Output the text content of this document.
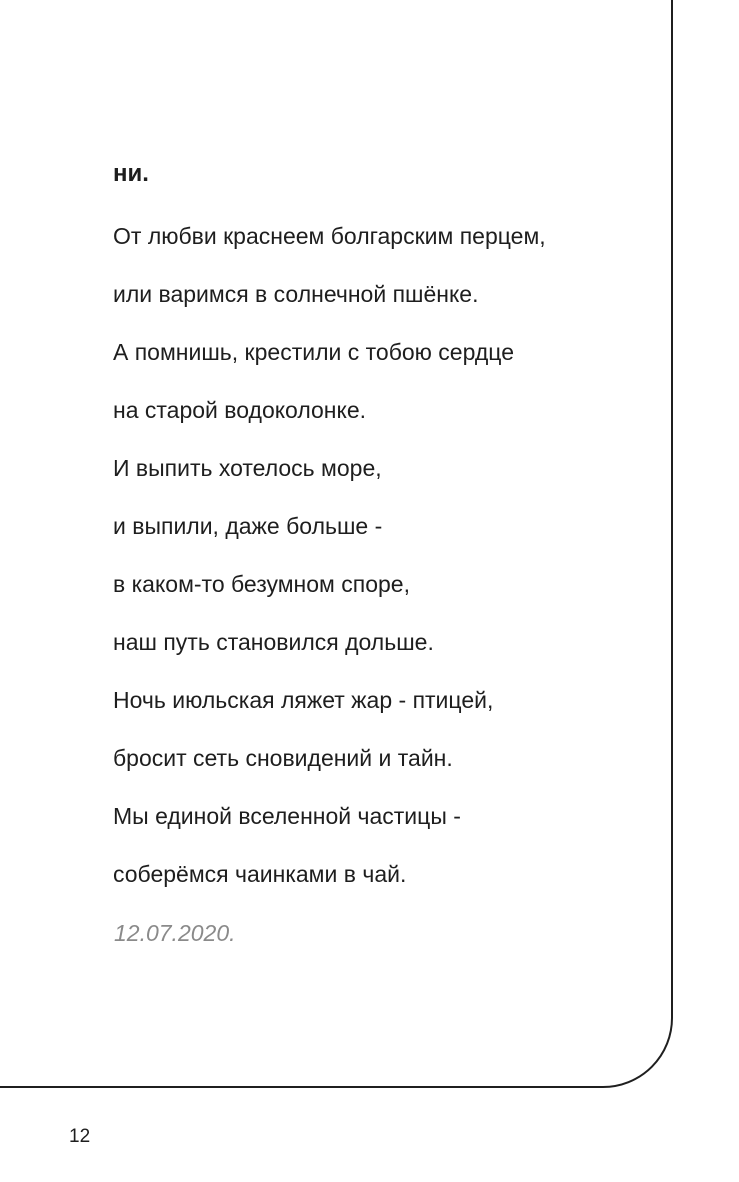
ни.
От любви краснеем болгарским перцем,
или варимся в солнечной пшёнке.
А помнишь, крестили с тобою сердце
на старой водоколонке.
И выпить хотелось море,
и выпили, даже больше -
в каком-то безумном споре,
наш путь становился дольше.
Ночь июльская ляжет жар - птицей,
бросит сеть сновидений и тайн.
Мы единой вселенной частицы -
соберёмся чаинками в чай.
12.07.2020.
12
